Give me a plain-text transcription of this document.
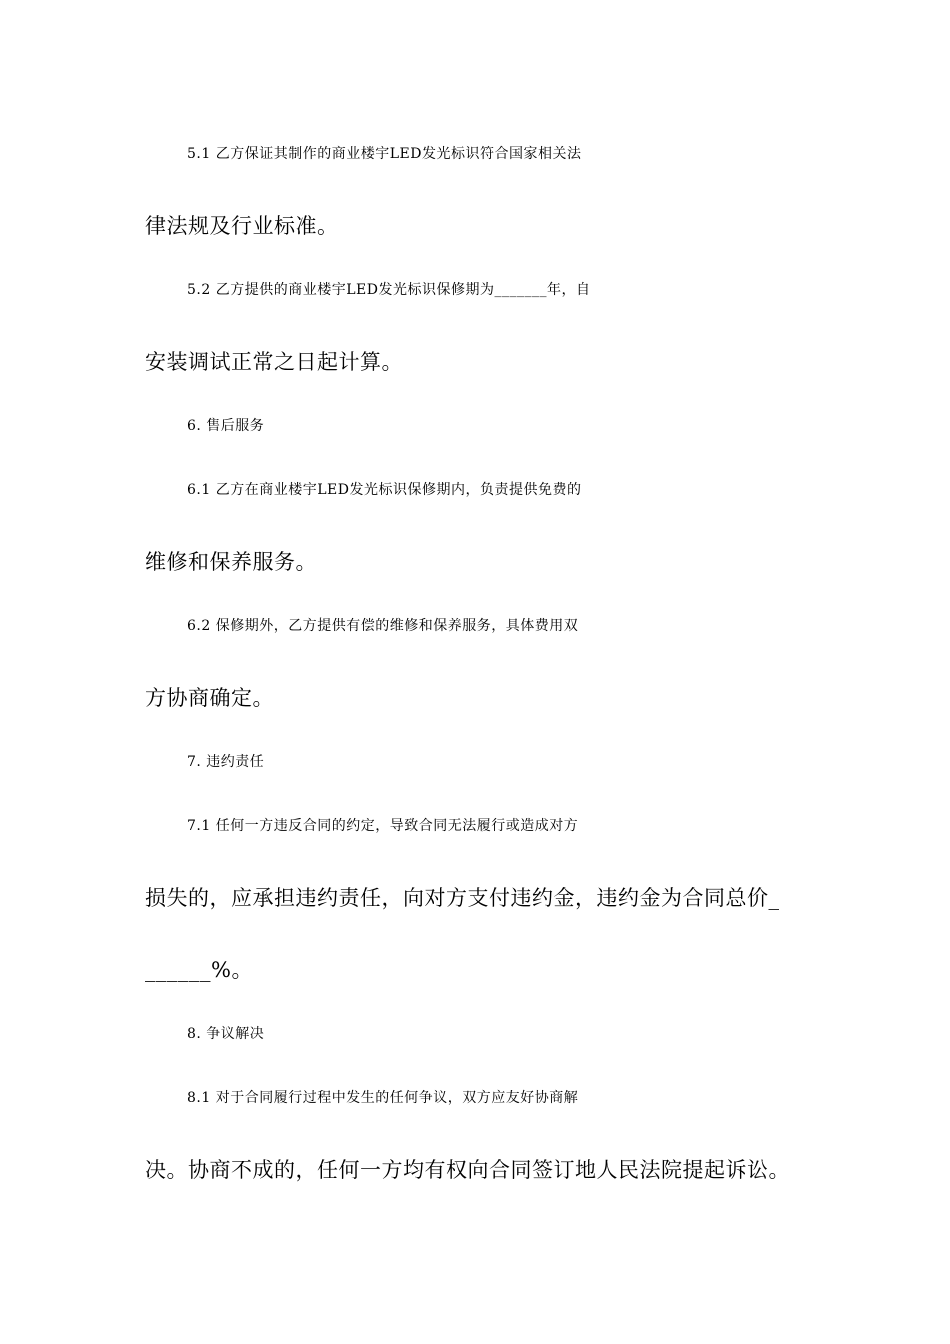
5.1 乙方保证其制作的商业楼宇LED发光标识符合国家相关法
律法规及行业标准。
5.2 乙方提供的商业楼宇LED发光标识保修期为_______年，自
安装调试正常之日起计算。
6. 售后服务
6.1 乙方在商业楼宇LED发光标识保修期内，负责提供免费的
维修和保养服务。
6.2 保修期外，乙方提供有偿的维修和保养服务，具体费用双
方协商确定。
7. 违约责任
7.1 任何一方违反合同的约定，导致合同无法履行或造成对方
损失的，应承担违约责任，向对方支付违约金，违约金为合同总价_
______%。
8. 争议解决
8.1 对于合同履行过程中发生的任何争议，双方应友好协商解
决。协商不成的，任何一方均有权向合同签订地人民法院提起诉讼。
